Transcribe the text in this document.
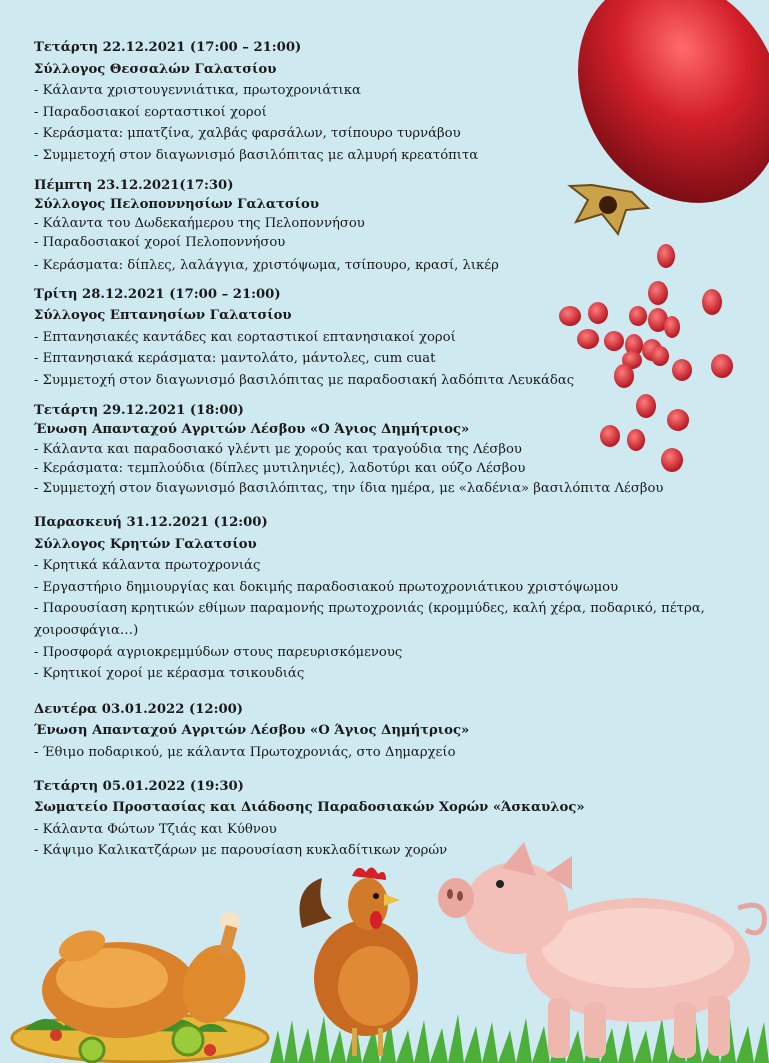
Τετάρτη 22.12.2021 (17:00 – 21:00)
Σύλλογος Θεσσαλών Γαλατσίου
- Κάλαντα χριστουγεννιάτικα, πρωτοχρονιάτικα
- Παραδοσιακοί εορταστικοί χοροί
- Κεράσματα: μπατζίνα, χαλβάς φαρσάλων, τσίπουρο τυρνάβου
- Συμμετοχή στον διαγωνισμό βασιλόπιτας με αλμυρή κρεατόπιτα
Πέμπτη 23.12.2021(17:30)
Σύλλογος Πελοποννησίων Γαλατσίου
- Κάλαντα του Δωδεκαήμερου της Πελοποννήσου
- Παραδοσιακοί χοροί Πελοποννήσου
- Κεράσματα: δίπλες, λαλάγγια, χριστόψωμα, τσίπουρο, κρασί, λικέρ
Τρίτη 28.12.2021 (17:00 – 21:00)
Σύλλογος Επτανησίων Γαλατσίου
- Επτανησιακές καντάδες και εορταστικοί επτανησιακοί χοροί
- Επτανησιακά κεράσματα: μαντολάτο, μάντολες, cum cuat
- Συμμετοχή στον διαγωνισμό βασιλόπιτας με παραδοσιακή λαδόπιτα Λευκάδας
Τετάρτη 29.12.2021 (18:00)
Ένωση Απανταχού Αγριτών Λέσβου «Ο Άγιος Δημήτριος»
- Κάλαντα και παραδοσιακό γλέντι με χορούς και τραγούδια της Λέσβου
- Κεράσματα: τεμπλούδια (δίπλες μυτιληνιές), λαδοτύρι και ούζο Λέσβου
- Συμμετοχή στον διαγωνισμό βασιλόπιτας, την ίδια ημέρα, με «λαδένια» βασιλόπιτα Λέσβου
Παρασκευή 31.12.2021 (12:00)
Σύλλογος Κρητών Γαλατσίου
- Κρητικά κάλαντα πρωτοχρονιάς
- Εργαστήριο δημιουργίας και δοκιμής παραδοσιακού πρωτοχρονιάτικου χριστόψωμου
- Παρουσίαση κρητικών εθίμων παραμονής πρωτοχρονιάς (κρομμύδες, καλή χέρα, ποδαρικό, πέτρα, χοιροσφάγια…)
- Προσφορά αγριοκρεμμύδων στους παρευρισκόμενους
- Κρητικοί χοροί με κέρασμα τσικουδιάς
Δευτέρα 03.01.2022 (12:00)
Ένωση Απανταχού Αγριτών Λέσβου «Ο Άγιος Δημήτριος»
- Έθιμο ποδαρικού, με κάλαντα Πρωτοχρονιάς, στο Δημαρχείο
Τετάρτη 05.01.2022 (19:30)
Σωματείο Προστασίας και Διάδοσης Παραδοσιακών Χορών «Άσκαυλος»
- Κάλαντα Φώτων Τζιάς και Κύθνου
- Κάψιμο Καλικατζάρων με παρουσίαση κυκλαδίτικων χορών
